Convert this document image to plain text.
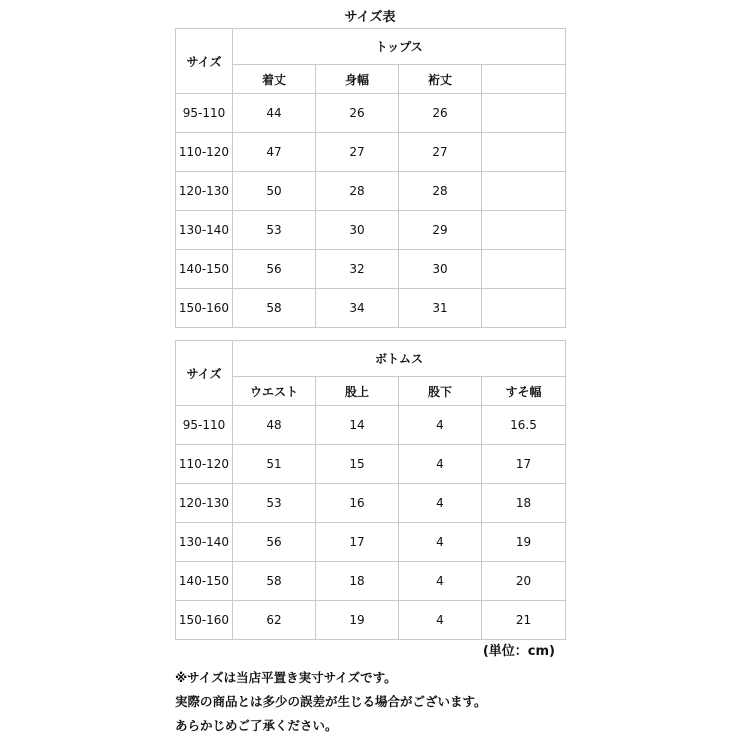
サイズ表
サイズ	トップス			
	着丈	身幅	裄丈	
95-110	44	26	26	
110-120	47	27	27	
120-130	50	28	28	
130-140	53	30	29	
140-150	56	32	30	
150-160	58	34	31	
サイズ	ボトムス			
	ウエスト	股上	股下	すそ幅
95-110	48	14	4	16.5
110-120	51	15	4	17
120-130	53	16	4	18
130-140	56	17	4	19
140-150	58	18	4	20
150-160	62	19	4	21
(単位：cm)
※サイズは当店平置き実寸サイズです。
実際の商品とは多少の誤差が生じる場合がございます。
あらかじめご了承ください。
